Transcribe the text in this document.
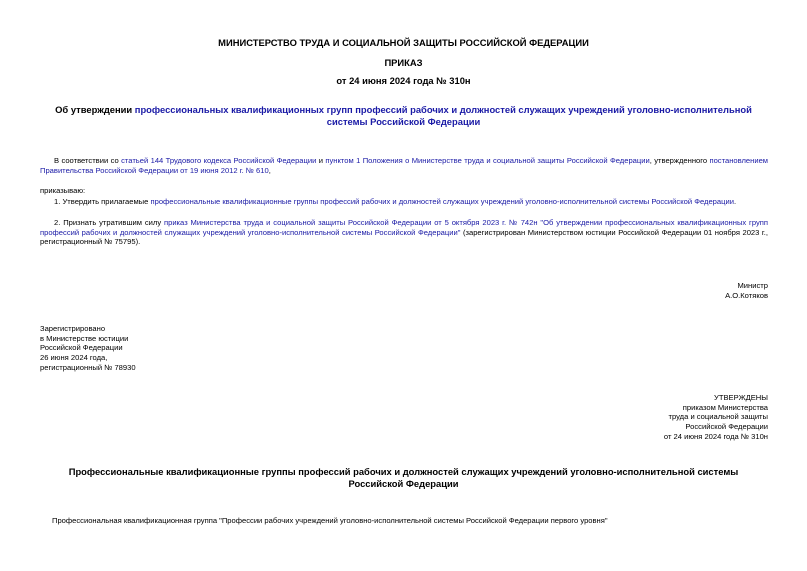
МИНИСТЕРСТВО ТРУДА И СОЦИАЛЬНОЙ ЗАЩИТЫ РОССИЙСКОЙ ФЕДЕРАЦИИ
ПРИКАЗ
от 24 июня 2024 года № 310н
Об утверждении профессиональных квалификационных групп профессий рабочих и должностей служащих учреждений уголовно-исполнительной системы Российской Федерации
В соответствии со статьей 144 Трудового кодекса Российской Федерации и пунктом 1 Положения о Министерстве труда и социальной защиты Российской Федерации, утвержденного постановлением Правительства Российской Федерации от 19 июня 2012 г. № 610,
приказываю:
1. Утвердить прилагаемые профессиональные квалификационные группы профессий рабочих и должностей служащих учреждений уголовно-исполнительной системы Российской Федерации.
2. Признать утратившим силу приказ Министерства труда и социальной защиты Российской Федерации от 5 октября 2023 г. № 742н "Об утверждении профессиональных квалификационных групп профессий рабочих и должностей служащих учреждений уголовно-исполнительной системы Российской Федерации" (зарегистрирован Министерством юстиции Российской Федерации 01 ноября 2023 г., регистрационный № 75795).
Министр
А.О.Котяков
Зарегистрировано
в Министерстве юстиции
Российской Федерации
26 июня 2024 года,
регистрационный № 78930
УТВЕРЖДЕНЫ
приказом Министерства
труда и социальной защиты
Российской Федерации
от 24 июня 2024 года № 310н
Профессиональные квалификационные группы профессий рабочих и должностей служащих учреждений уголовно-исполнительной системы Российской Федерации
Профессиональная квалификационная группа "Профессии рабочих учреждений уголовно-исполнительной системы Российской Федерации первого уровня"
